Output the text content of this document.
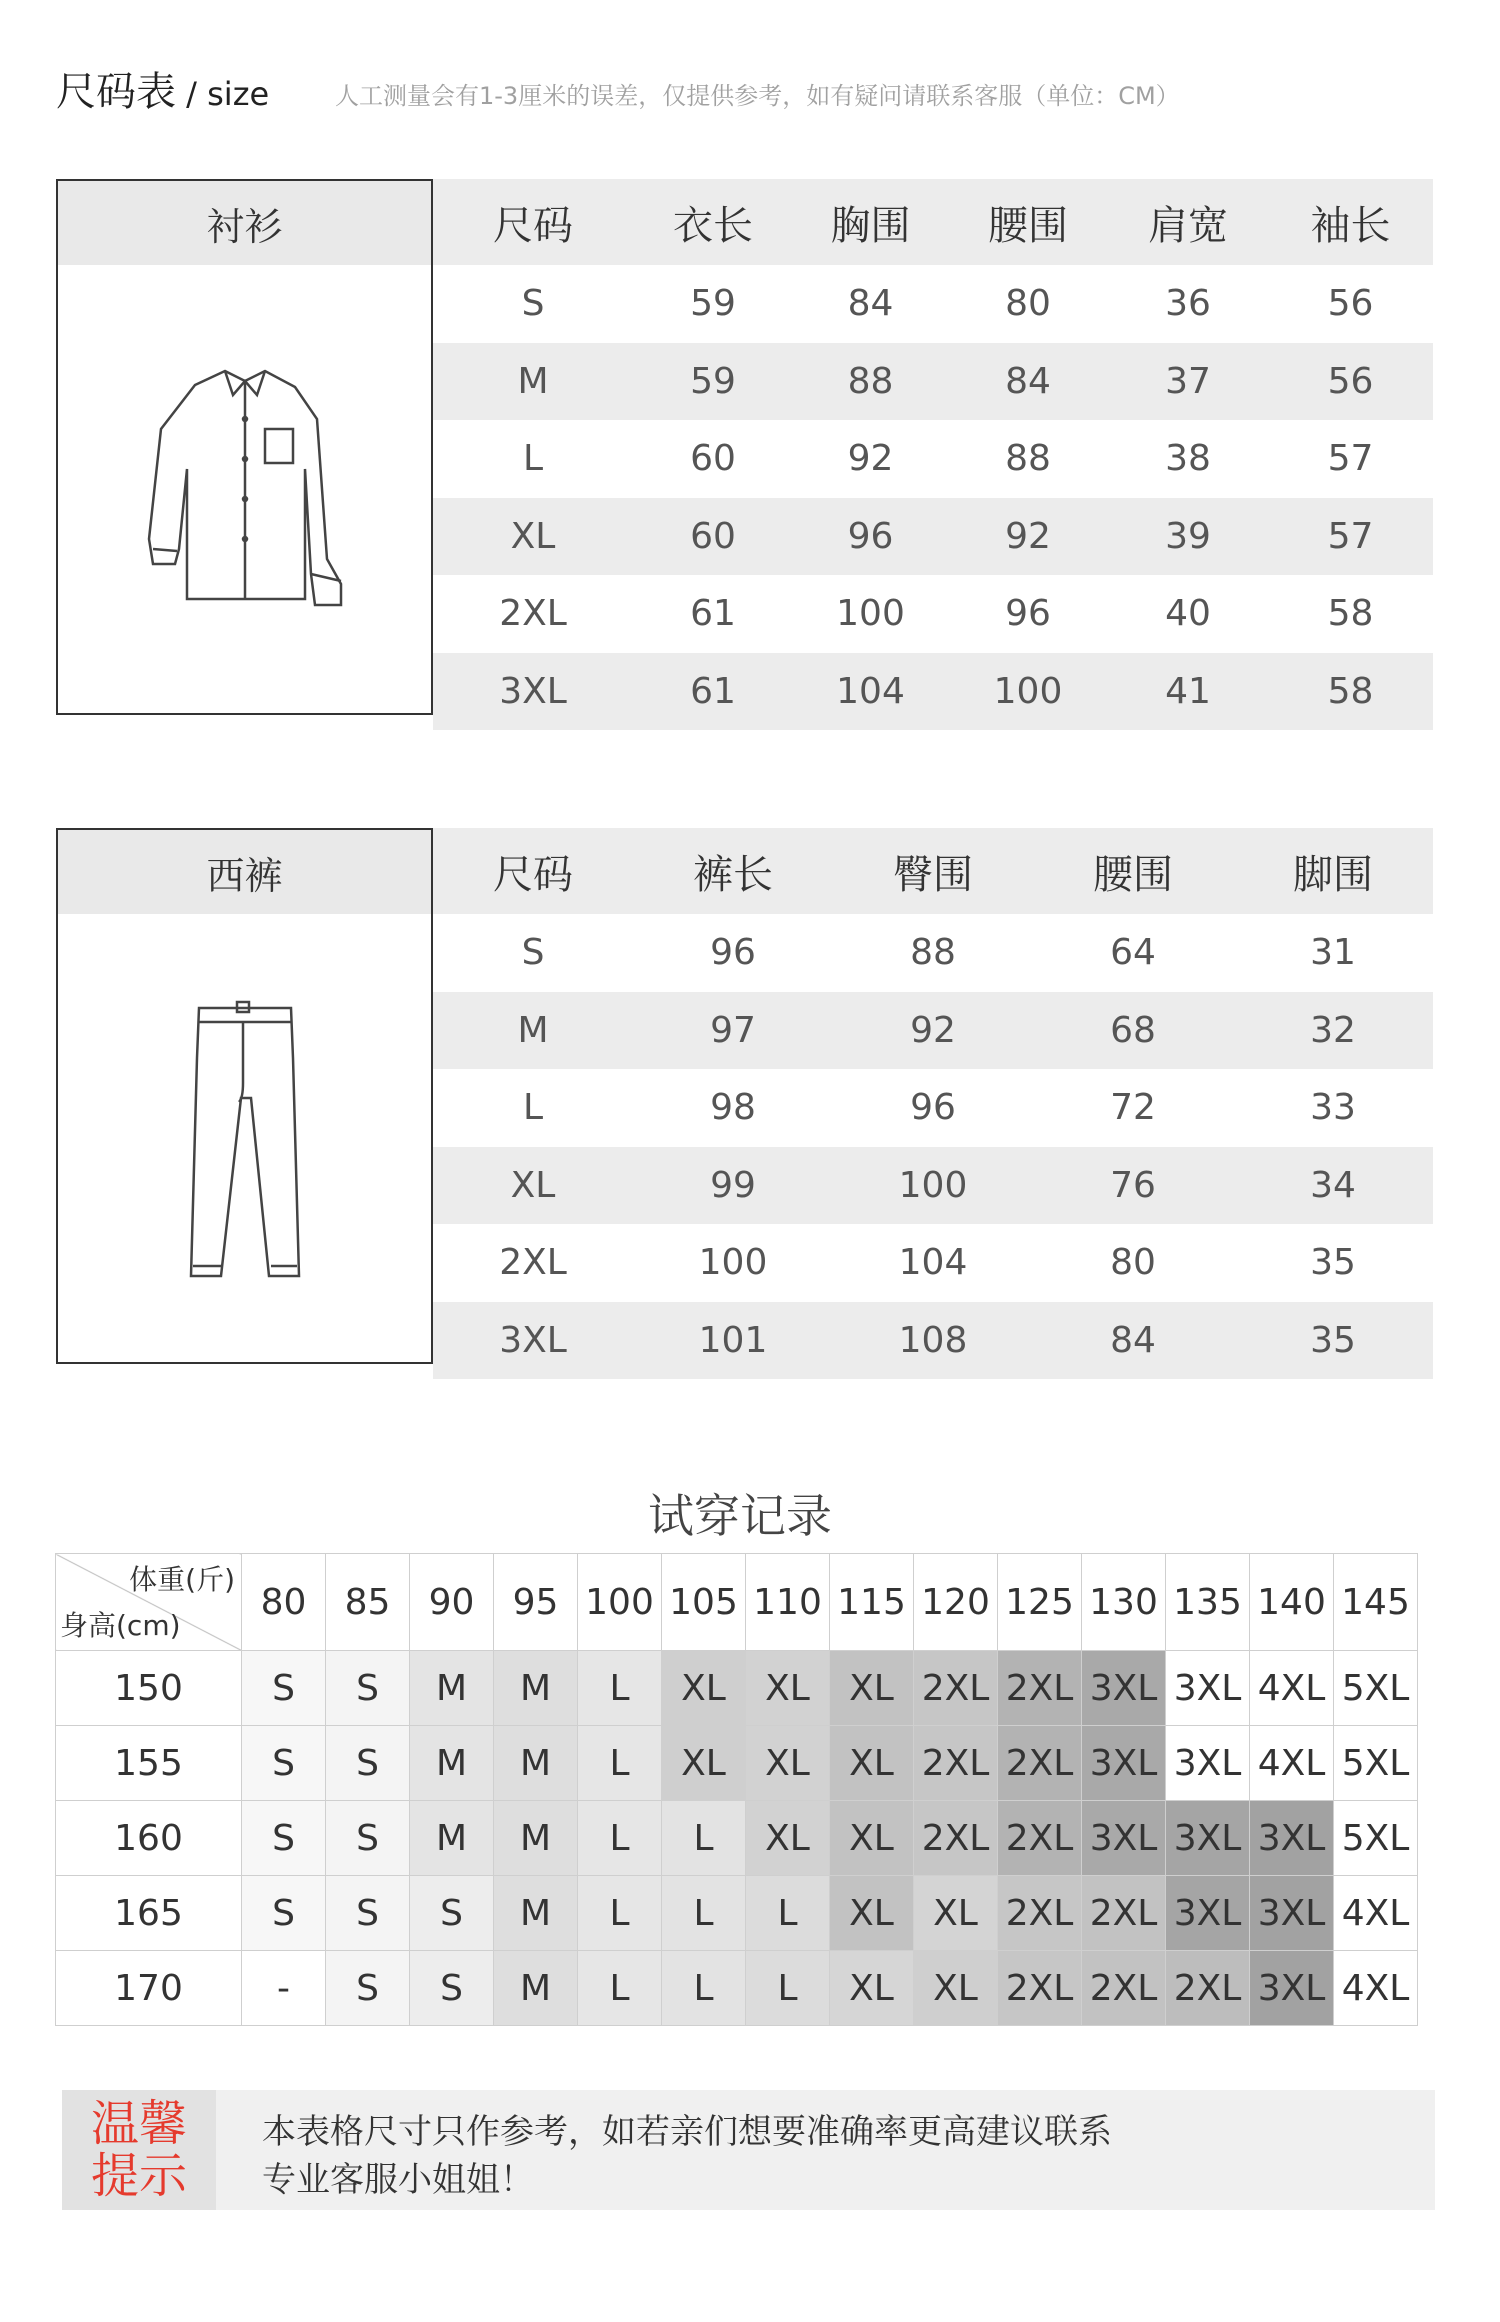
尺码表 / size	人工测量会有1-3厘米的误差，仅提供参考，如有疑问请联系客服（单位：CM）
衬衫	尺码	衣长	胸围	腰围	肩宽	袖长
S	59	84	80	36	56
M	59	88	84	37	56
L	60	92	88	38	57
XL	60	96	92	39	57
2XL	61	100	96	40	58
3XL	61	104	100	41	58
西裤	尺码	裤长	臀围	腰围	脚围
S	96	88	64	31
M	97	92	68	32
L	98	96	72	33
XL	99	100	76	34
2XL	100	104	80	35
3XL	101	108	84	35
试穿记录
体重(斤)
身高(cm)	80	85	90	95	100	105	110	115	120	125	130	135	140	145
150	S	S	M	M	L	XL	XL	XL	2XL	2XL	3XL	3XL	4XL	5XL
155	S	S	M	M	L	XL	XL	XL	2XL	2XL	3XL	3XL	4XL	5XL
160	S	S	M	M	L	L	XL	XL	2XL	2XL	3XL	3XL	3XL	5XL
165	S	S	S	M	L	L	L	XL	XL	2XL	2XL	3XL	3XL	4XL
170	-	S	S	M	L	L	L	XL	XL	2XL	2XL	2XL	3XL	4XL
温馨
提示
本表格尺寸只作参考，如若亲们想要准确率更高建议联系
专业客服小姐姐！
